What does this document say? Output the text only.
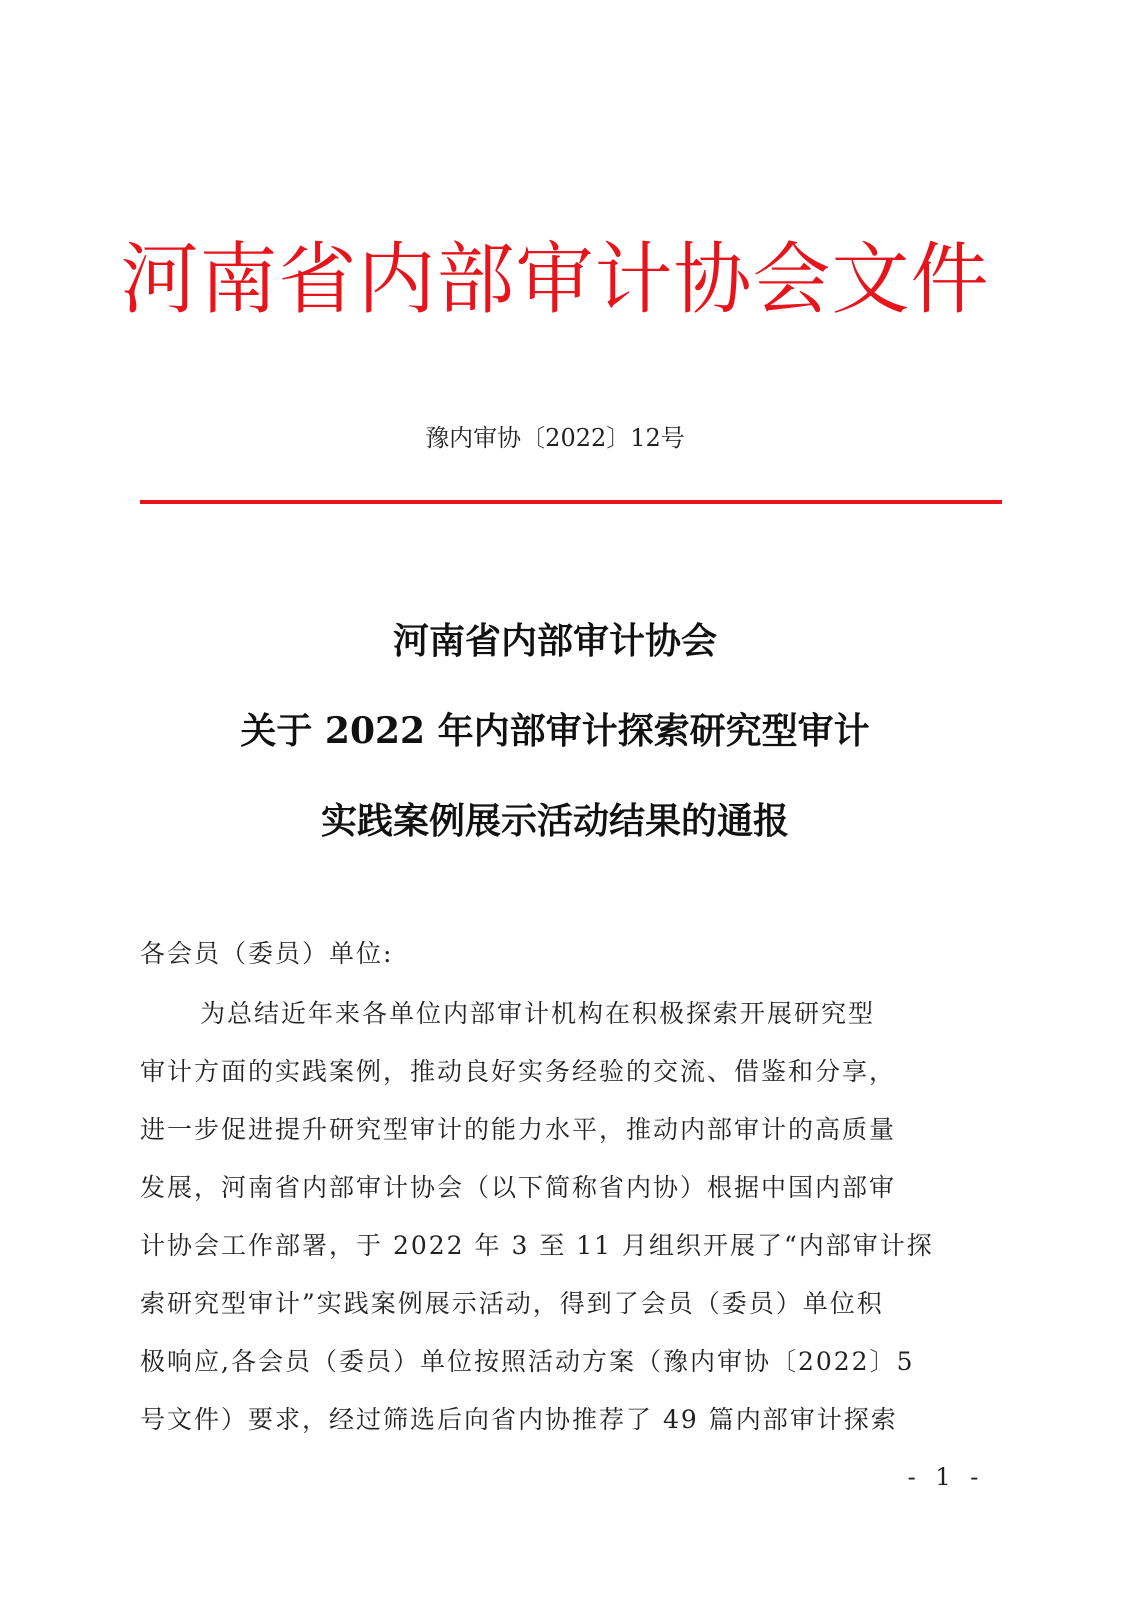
河南省内部审计协会文件
豫内审协〔2022〕12号
河南省内部审计协会
关于 2022 年内部审计探索研究型审计
实践案例展示活动结果的通报
各会员（委员）单位:
为总结近年来各单位内部审计机构在积极探索开展研究型
审计方面的实践案例，推动良好实务经验的交流、借鉴和分享，
进一步促进提升研究型审计的能力水平，推动内部审计的高质量
发展，河南省内部审计协会（以下简称省内协）根据中国内部审
计协会工作部署，于 2022 年 3 至 11 月组织开展了“内部审计探
索研究型审计”实践案例展示活动，得到了会员（委员）单位积
极响应,各会员（委员）单位按照活动方案（豫内审协〔2022〕5
号文件）要求，经过筛选后向省内协推荐了 49 篇内部审计探索
- 1 -
